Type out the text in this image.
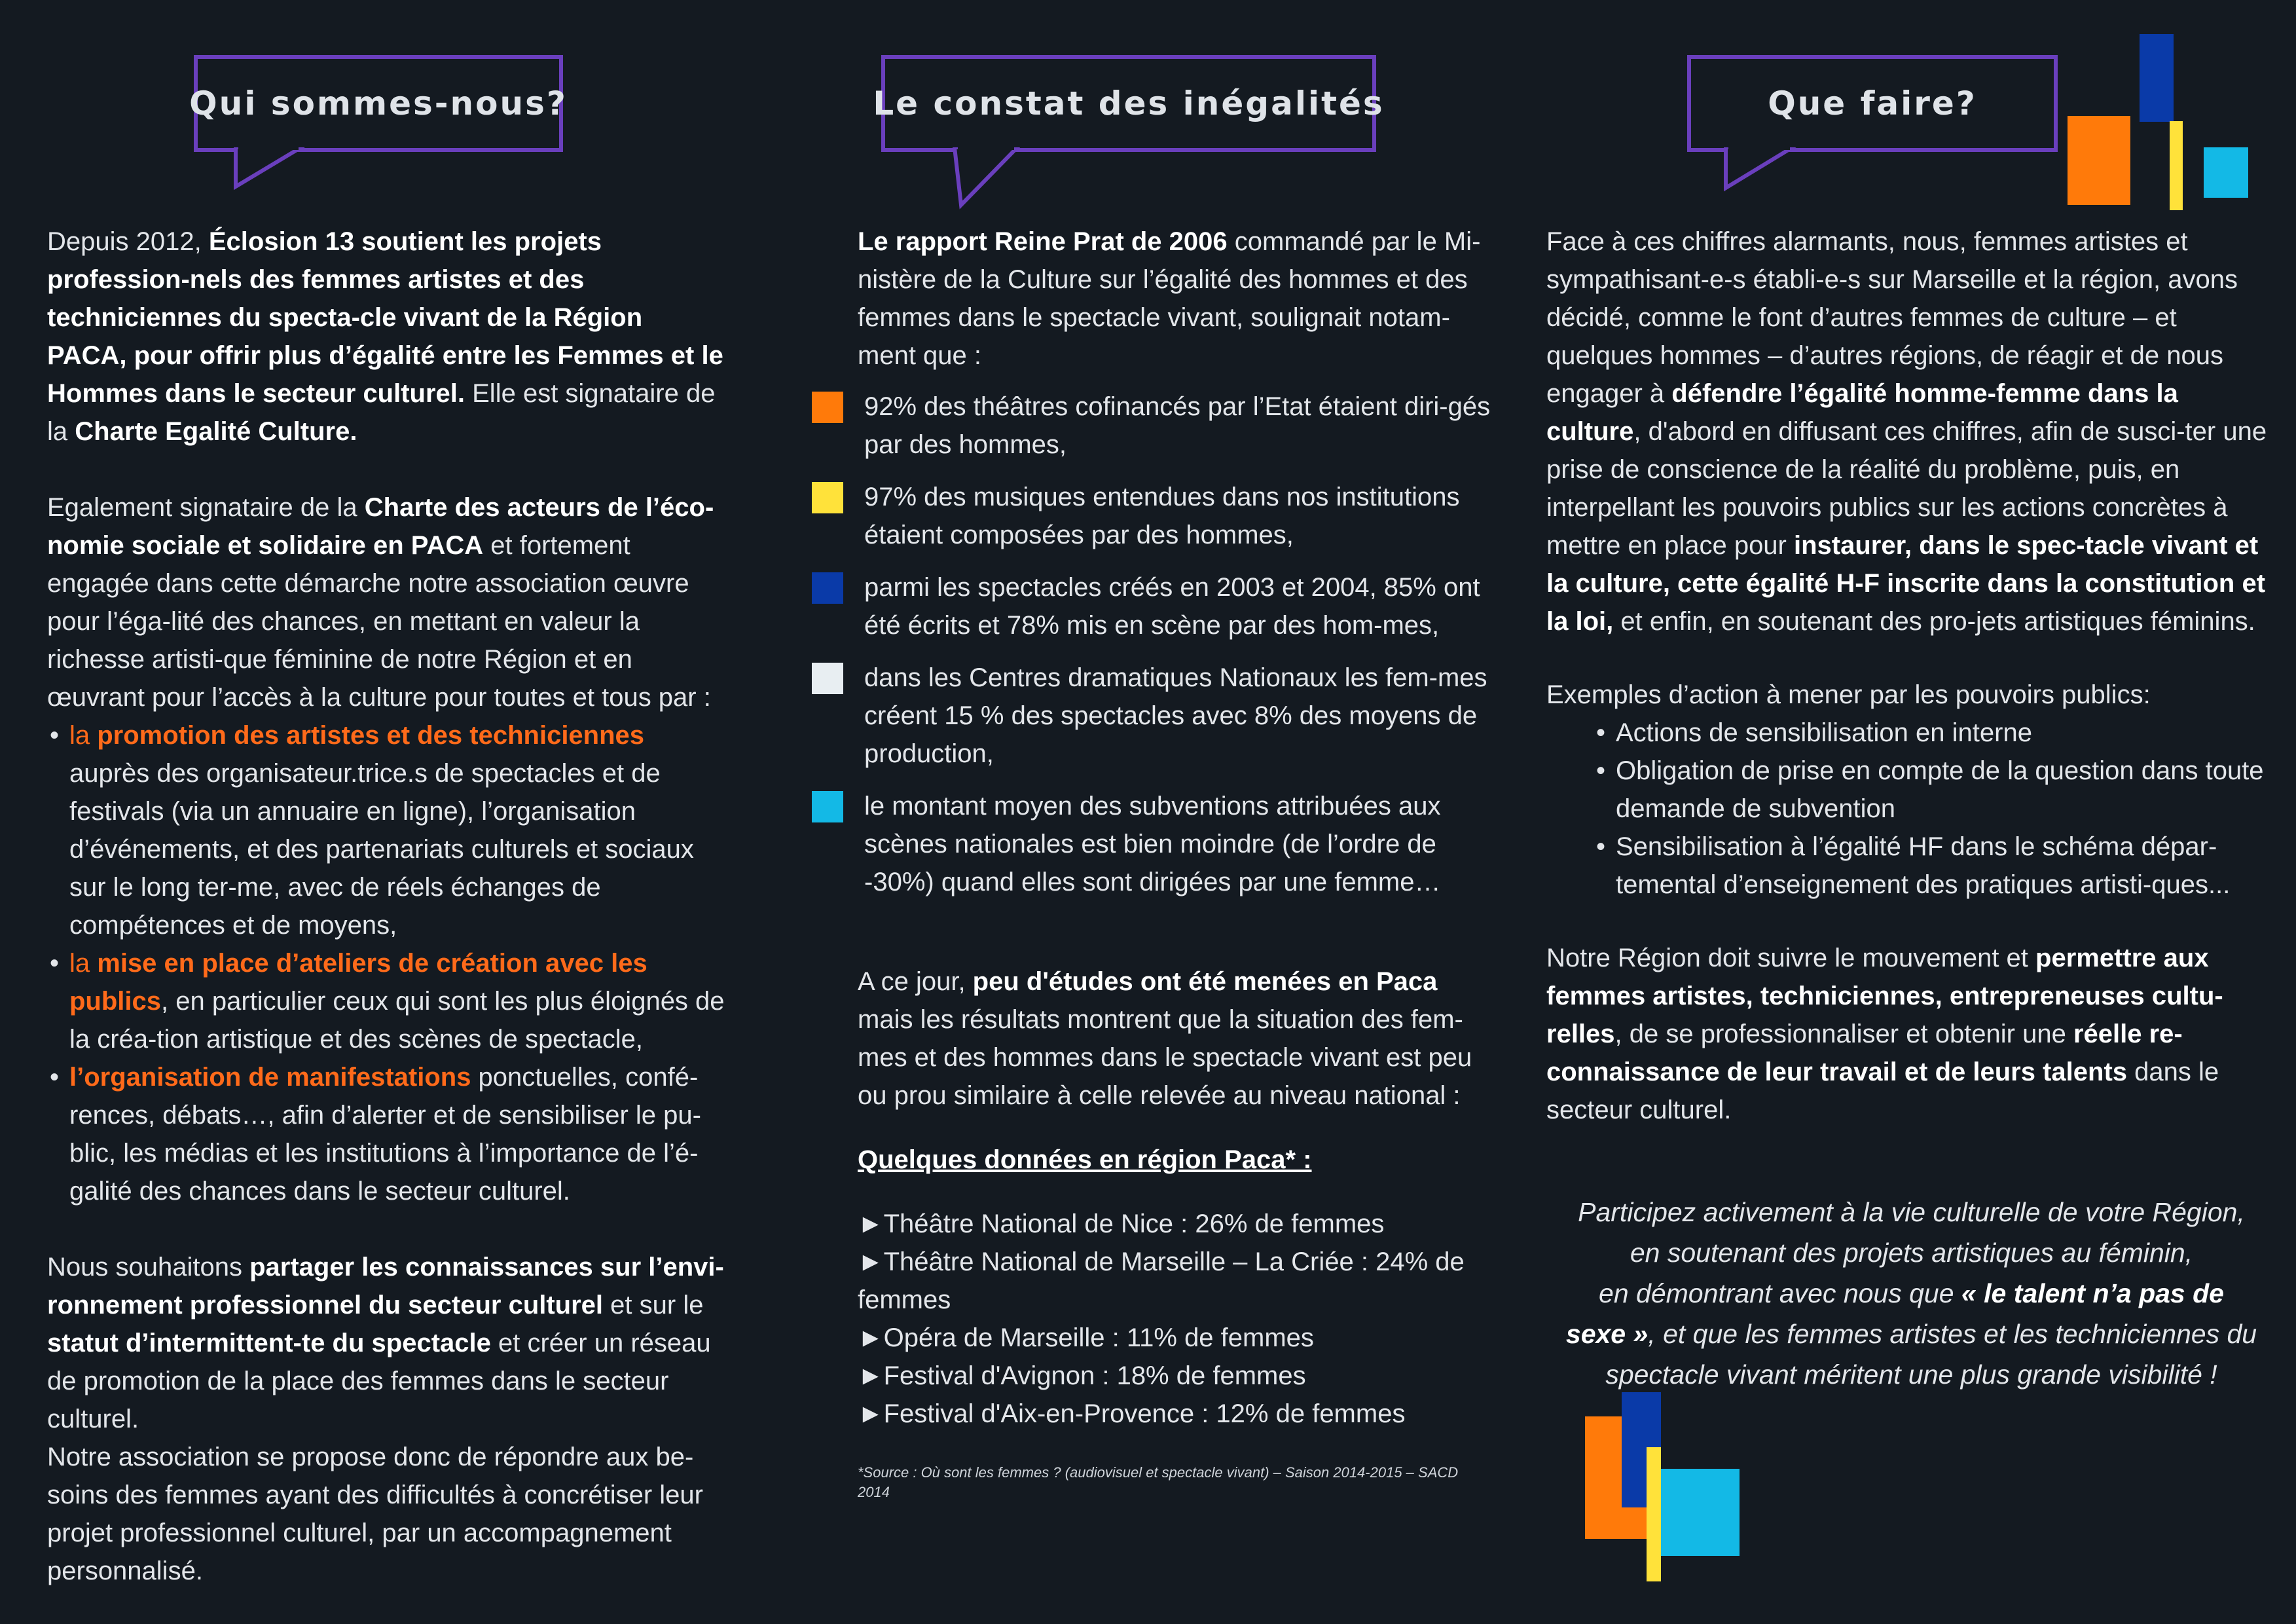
Qui sommes-nous?

Depuis 2012, Éclosion 13 soutient les projets profession-nels des femmes artistes et des techniciennes du specta-cle vivant de la Région PACA, pour offrir plus d’égalité entre les Femmes et le Hommes dans le secteur culturel. Elle est signataire de la Charte Egalité Culture.

Egalement signataire de la Charte des acteurs de l’éco-nomie sociale et solidaire en PACA et fortement engagée dans cette démarche notre association œuvre pour l’éga-lité des chances, en mettant en valeur la richesse artisti-que féminine de notre Région et en œuvrant pour l’accès à la culture pour toutes et tous par :

• la promotion des artistes et des techniciennes auprès des organisateur.trice.s de spectacles et de festivals (via un annuaire en ligne), l’organisation d’événements, et des partenariats culturels et sociaux sur le long ter-me, avec de réels échanges de compétences et de moyens,
• la mise en place d’ateliers de création avec les publics, en particulier ceux qui sont les plus éloignés de la créa-tion artistique et des scènes de spectacle,
• l’organisation de manifestations ponctuelles, confé-rences, débats…, afin d’alerter et de sensibiliser le pu-blic, les médias et les institutions à l’importance de l’é-galité des chances dans le secteur culturel.

Nous souhaitons partager les connaissances sur l’envi-ronnement professionnel du secteur culturel et sur le statut d’intermittent-te du spectacle et créer un réseau de promotion de la place des femmes dans le secteur culturel.

Notre association se propose donc de répondre aux be-soins des femmes ayant des difficultés à concrétiser leur projet professionnel culturel, par un accompagnement personnalisé.

Le constat des inégalités

Le rapport Reine Prat de 2006 commandé par le Mi-nistère de la Culture sur l’égalité des hommes et des femmes dans le spectacle vivant, soulignait notam-ment que :

92% des théâtres cofinancés par l’Etat étaient diri-gés par des hommes,
97% des musiques entendues dans nos institutions étaient composées par des hommes,
parmi les spectacles créés en 2003 et 2004, 85% ont été écrits et 78% mis en scène par des hom-mes,
dans les Centres dramatiques Nationaux les fem-mes créent 15 % des spectacles avec 8% des moyens de production,
le montant moyen des subventions attribuées aux scènes nationales est bien moindre (de l’ordre de -30%) quand elles sont dirigées par une femme…

A ce jour, peu d'études ont été menées en Paca mais les résultats montrent que la situation des fem-mes et des hommes dans le spectacle vivant est peu ou prou similaire à celle relevée au niveau national :

Quelques données en région Paca* :

►Théâtre National de Nice : 26% de femmes

►Théâtre National de Marseille – La Criée : 24% de femmes

►Opéra de Marseille : 11% de femmes

►Festival d'Avignon : 18% de femmes

►Festival d'Aix-en-Provence : 12% de femmes

*Source : Où sont les femmes ? (audiovisuel et spectacle vivant) – Saison 2014-2015 – SACD 2014

Que faire?

Face à ces chiffres alarmants, nous, femmes artistes et sympathisant-e-s établi-e-s sur Marseille et la région, avons décidé, comme le font d’autres femmes de culture – et quelques hommes – d’autres régions, de réagir et de nous engager à défendre l’égalité homme-femme dans la culture, d'abord en diffusant ces chiffres, afin de susci-ter une prise de conscience de la réalité du problème, puis, en interpellant les pouvoirs publics sur les actions concrètes à mettre en place pour instaurer, dans le spec-tacle vivant et la culture, cette égalité H-F inscrite dans la constitution et la loi, et enfin, en soutenant des pro-jets artistiques féminins.

Exemples d’action à mener par les pouvoirs publics:

• Actions de sensibilisation en interne
• Obligation de prise en compte de la question dans toute demande de subvention
• Sensibilisation à l’égalité HF dans le schéma dépar-temental d’enseignement des pratiques artisti-ques...

Notre Région doit suivre le mouvement et permettre aux femmes artistes, techniciennes, entrepreneuses cultu-relles, de se professionnaliser et obtenir une réelle re-connaissance de leur travail et de leurs talents dans le secteur culturel.

Participez activement à la vie culturelle de votre Région,
en soutenant des projets artistiques au féminin,
en démontrant avec nous que « le talent n’a pas de
sexe », et que les femmes artistes et les techniciennes du
spectacle vivant méritent une plus grande visibilité !
